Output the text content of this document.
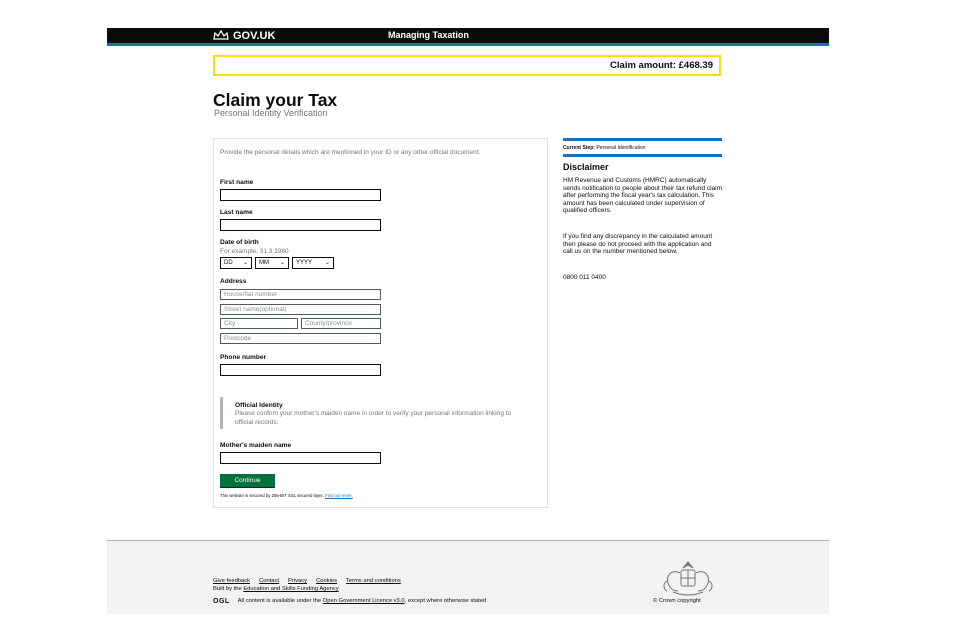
GOV.UK	Managing Taxation
Claim amount: £468.39
Claim your Tax
Personal Identity Verification
Provide the personal details which are mentioned in your ID or any other official document.
First name
Last name
Date of birth
For example, 31 3 1980
DD ⌄	MM ⌄	YYYY ⌄
Address
House/flat number
Street name(optional)
City	County/province
Postcode
Phone number
Official Identity
Please confirm your mother's maiden name in order to verify your personal information linking to official records.
Mother's maiden name
Continue
This website is secured by 256-BIT SSL secured layer. Find out more.
Current Step: Personal Identification
Disclaimer
HM Revenue and Customs (HMRC) automatically sends notification to people about their tax refund claim after performing the fiscal year's tax calculation. This amount has been calculated under supervision of qualified officers.
If you find any discrepancy in the calculated amount then please do not proceed with the application and call us on the number mentioned below.
0800 011 0400
Give feedback Contact Privacy Cookies Terms and conditions
Built by the Education and Skills Funding Agency
OGL All content is available under the Open Government Licence v3.0, except where otherwise stated	© Crown copyright
